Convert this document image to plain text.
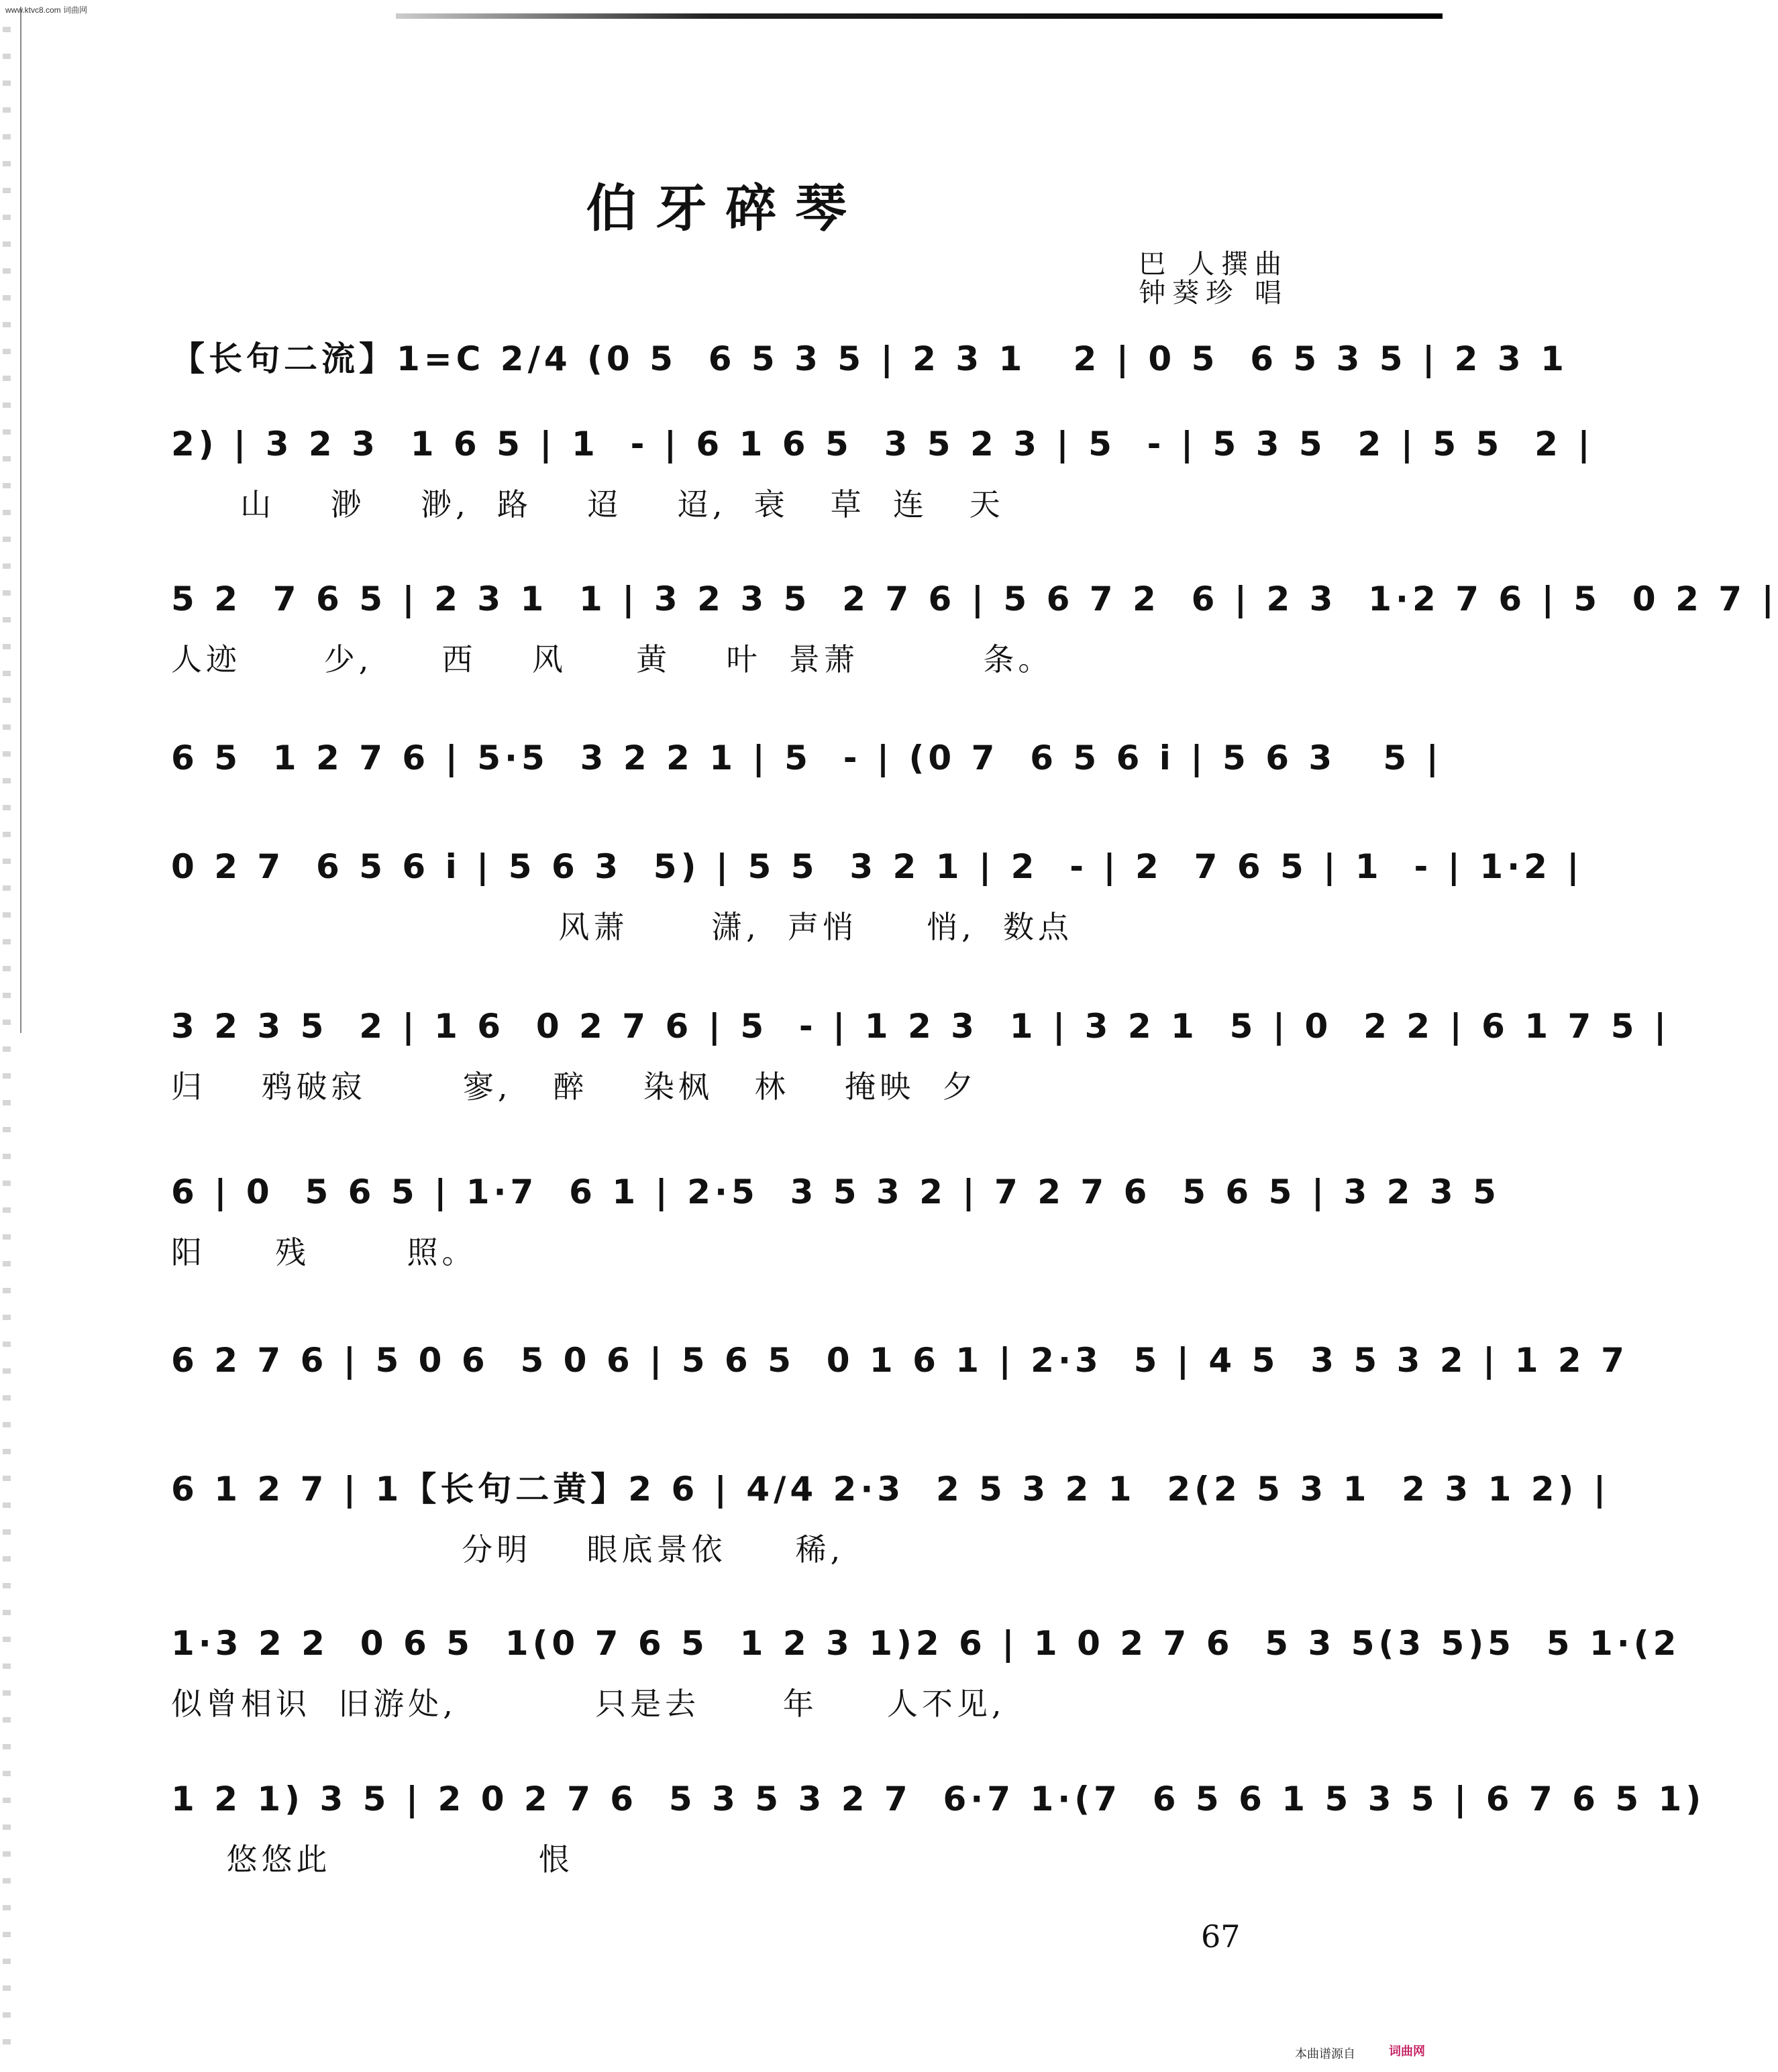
www.ktvc8.com 词曲网
伯牙碎琴
巴 人撰曲
钟葵珍 唱
【长句二流】1=C 2/4 (0 5  6 5 3 5 | 2 3 1   2 | 0 5  6 5 3 5 | 2 3 1
2) | 3 2 3  1 6 5 | 1  - | 6 1 6 5  3 5 2 3 | 5  - | 5 3 5  2 | 5 5  2 |
山    渺    渺,  路    迢    迢,  衰   草  连   天
5 2  7 6 5 | 2 3 1  1 | 3 2 3 5  2 7 6 | 5 6 7 2  6 | 2 3  1·2 7 6 | 5  0 2 7 |
人迹      少,     西    风     黄    叶  景萧         条。
6 5  1 2 7 6 | 5·5  3 2 2 1 | 5  - | (0 7  6 5 6 i | 5 6 3   5 |
0 2 7  6 5 6 i | 5 6 3  5) | 5 5  3 2 1 | 2  - | 2  7 6 5 | 1  - | 1·2 |
风萧      潇,  声悄     悄,  数点
3 2 3 5  2 | 1 6  0 2 7 6 | 5  - | 1 2 3  1 | 3 2 1  5 | 0  2 2 | 6 1 7 5 |
归    鸦破寂       寥,   醉    染枫   林    掩映  夕
6 | 0  5 6 5 | 1·7  6 1 | 2·5  3 5 3 2 | 7 2 7 6  5 6 5 | 3 2 3 5
阳     残       照。
6 2 7 6 | 5 0 6  5 0 6 | 5 6 5  0 1 6 1 | 2·3  5 | 4 5  3 5 3 2 | 1 2 7
6 1 2 7 | 1【长句二黄】2 6 | 4/4 2·3  2 5 3 2 1  2(2 5 3 1  2 3 1 2) |
分明    眼底景依     稀,
1·3 2 2  0 6 5  1(0 7 6 5  1 2 3 1)2 6 | 1 0 2 7 6  5 3 5(3 5)5  5 1·(2
似曾相识  旧游处,          只是去      年     人不见,
1 2 1) 3 5 | 2 0 2 7 6  5 3 5 3 2 7  6·7 1·(7  6 5 6 1 5 3 5 | 6 7 6 5 1)
悠悠此               恨
67
本曲谱源自	词曲网
